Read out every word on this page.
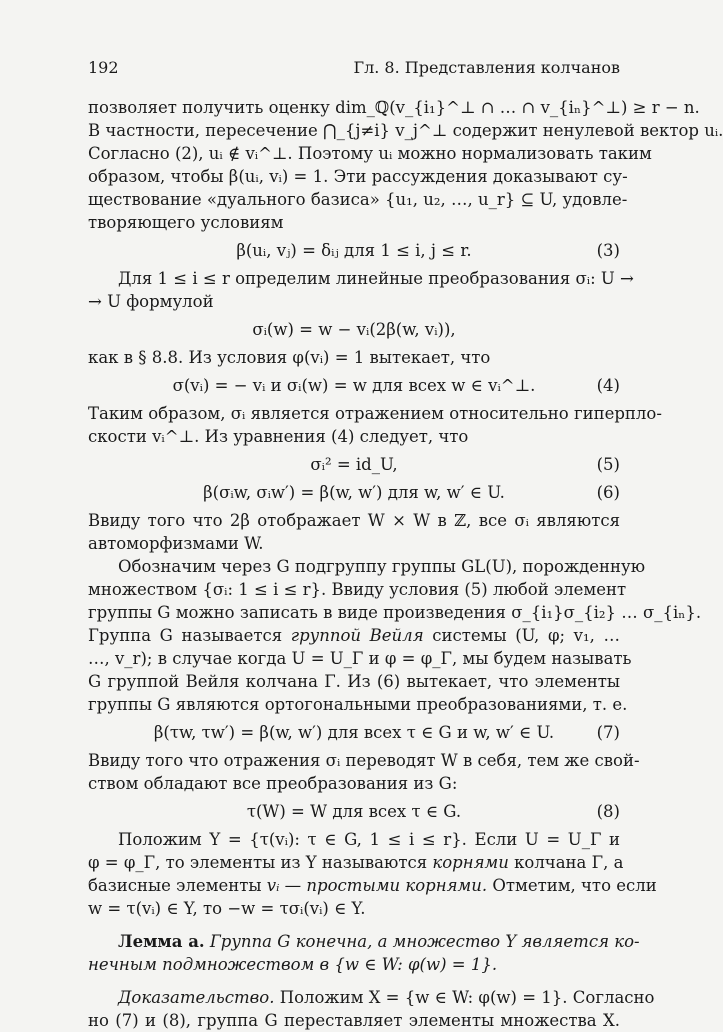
192	Гл. 8. Представления колчанов
позволяет получить оценку dim_ℚ(v_{i₁}^⊥ ∩ … ∩ v_{iₙ}^⊥) ≥ r − n.
В частности, пересечение ⋂_{j≠i} v_j^⊥ содержит ненулевой вектор uᵢ.
Согласно (2), uᵢ ∉ vᵢ^⊥. Поэтому uᵢ можно нормализовать таким
образом, чтобы β(uᵢ, vᵢ) = 1. Эти рассуждения доказывают су-
ществование «дуального базиса» {u₁, u₂, …, u_r} ⊆ U, удовле-
творяющего условиям
β(uᵢ, vⱼ) = δᵢⱼ для 1 ≤ i, j ≤ r.	(3)
Для 1 ≤ i ≤ r определим линейные преобразования σᵢ: U →
→ U формулой
σᵢ(w) = w − vᵢ(2β(w, vᵢ)),
как в § 8.8. Из условия φ(vᵢ) = 1 вытекает, что
σ(vᵢ) = − vᵢ и σᵢ(w) = w для всех w ∈ vᵢ^⊥.	(4)
Таким образом, σᵢ является отражением относительно гиперпло-
скости vᵢ^⊥. Из уравнения (4) следует, что
σᵢ² = id_U,	(5)
β(σᵢw, σᵢw′) = β(w, w′) для w, w′ ∈ U.	(6)
Ввиду того что 2β отображает W × W в ℤ, все σᵢ являются
автоморфизмами W.
Обозначим через G подгруппу группы GL(U), порожденную
множеством {σᵢ: 1 ≤ i ≤ r}. Ввиду условия (5) любой элемент
группы G можно записать в виде произведения σ_{i₁}σ_{i₂} … σ_{iₙ}.
Группа G называется группой Вейля системы (U, φ; v₁, …
…, v_r); в случае когда U = U_Γ и φ = φ_Γ, мы будем называть
G группой Вейля колчана Γ. Из (6) вытекает, что элементы
группы G являются ортогональными преобразованиями, т. е.
β(τw, τw′) = β(w, w′) для всех τ ∈ G и w, w′ ∈ U.	(7)
Ввиду того что отражения σᵢ переводят W в себя, тем же свой-
ством обладают все преобразования из G:
τ(W) = W для всех τ ∈ G.	(8)
Положим Y = {τ(vᵢ): τ ∈ G, 1 ≤ i ≤ r}. Если U = U_Γ и
φ = φ_Γ, то элементы из Y называются корнями колчана Γ, а
базисные элементы vᵢ — простыми корнями. Отметим, что если
w = τ(vᵢ) ∈ Y, то −w = τσᵢ(vᵢ) ∈ Y.
Лемма а. Группа G конечна, а множество Y является ко-
нечным подмножеством в {w ∈ W: φ(w) = 1}.
Доказательство. Положим X = {w ∈ W: φ(w) = 1}. Согласно
но (7) и (8), группа G переставляет элементы множества X.
